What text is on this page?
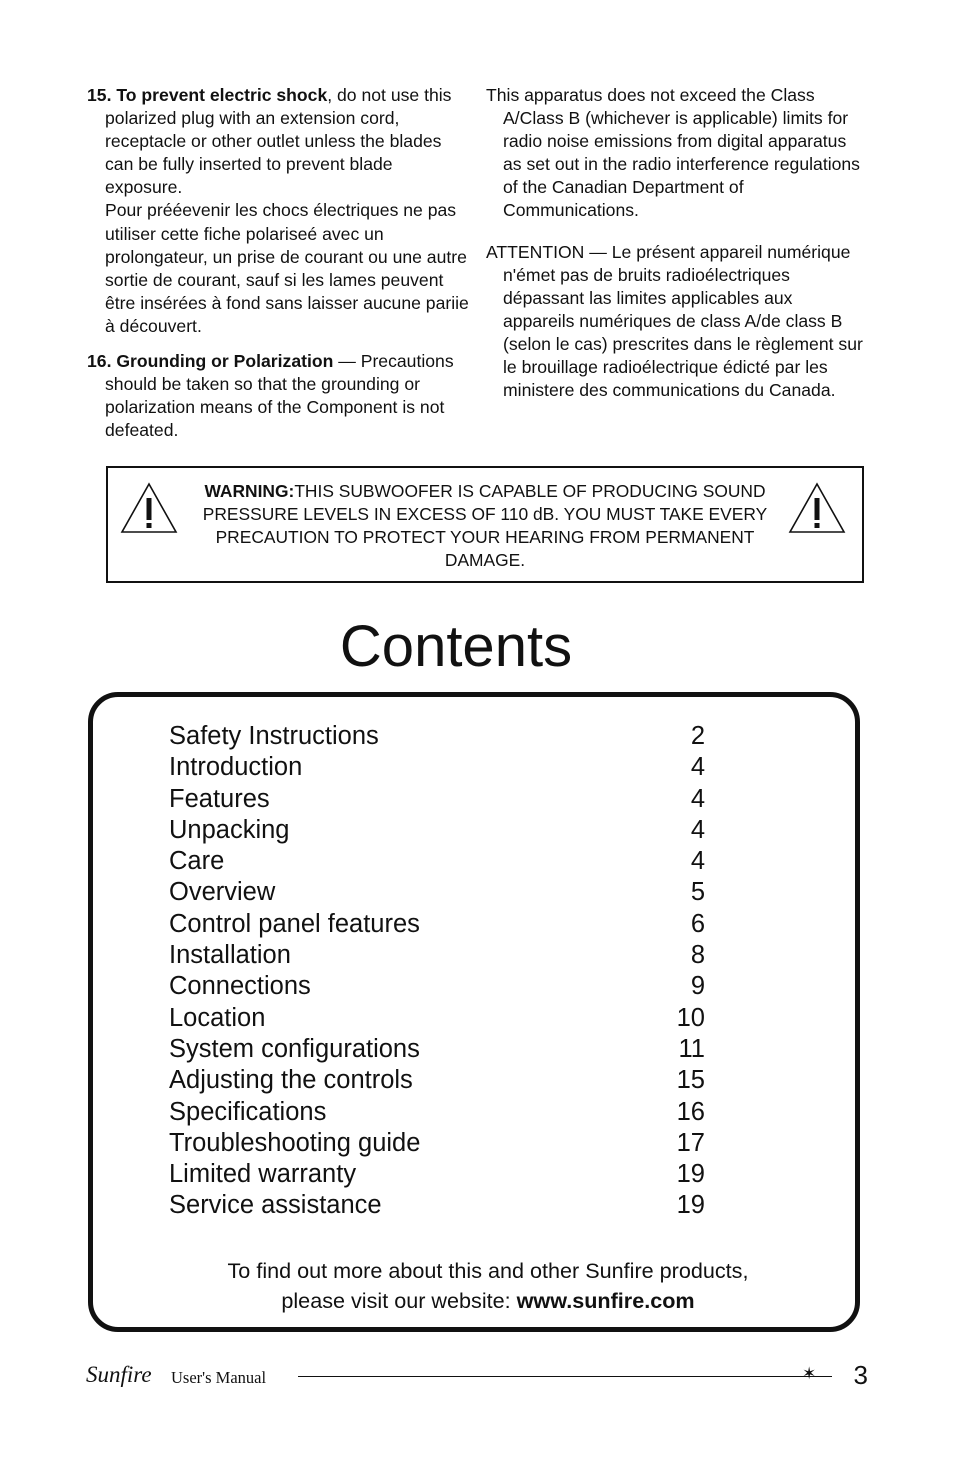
15. To prevent electric shock, do not use this polarized plug with an extension cord, receptacle or other outlet unless the blades can be fully inserted to prevent blade exposure.
Pour prééevenir les chocs électriques ne pas utiliser cette fiche polariseé avec un prolongateur, un prise de courant ou une autre sortie de courant, sauf si les lames peuvent être insérées à fond sans laisser aucune pariie à découvert.
16. Grounding or Polarization — Precautions should be taken so that the grounding or polarization means of the Component is not defeated.
This apparatus does not exceed the Class A/Class B (whichever is applicable) limits for radio noise emissions from digital apparatus as set out in the radio interference regulations of the Canadian Department of Communications.
ATTENTION — Le présent appareil numérique n'émet pas de bruits radioélectriques dépassant las limites applicables aux appareils numériques de class A/de class B (selon le cas) prescrites dans le règlement sur le brouillage radioélectrique édicté par les ministere des communications du Canada.
WARNING:THIS SUBWOOFER IS CAPABLE OF PRODUCING SOUND PRESSURE LEVELS IN EXCESS OF 110 dB. YOU MUST TAKE EVERY PRECAUTION TO PROTECT YOUR HEARING FROM PERMANENT DAMAGE.
Contents
Safety Instructions	2
Introduction	4
Features	4
Unpacking	4
Care	4
Overview	5
Control panel features	6
Installation	8
Connections	9
Location	10
System configurations	11
Adjusting the controls	15
Specifications	16
Troubleshooting guide	17
Limited warranty	19
Service assistance	19
To find out more about this and other Sunfire products,
please visit our website: www.sunfire.com
Sunfire User's Manual	✶ 3
